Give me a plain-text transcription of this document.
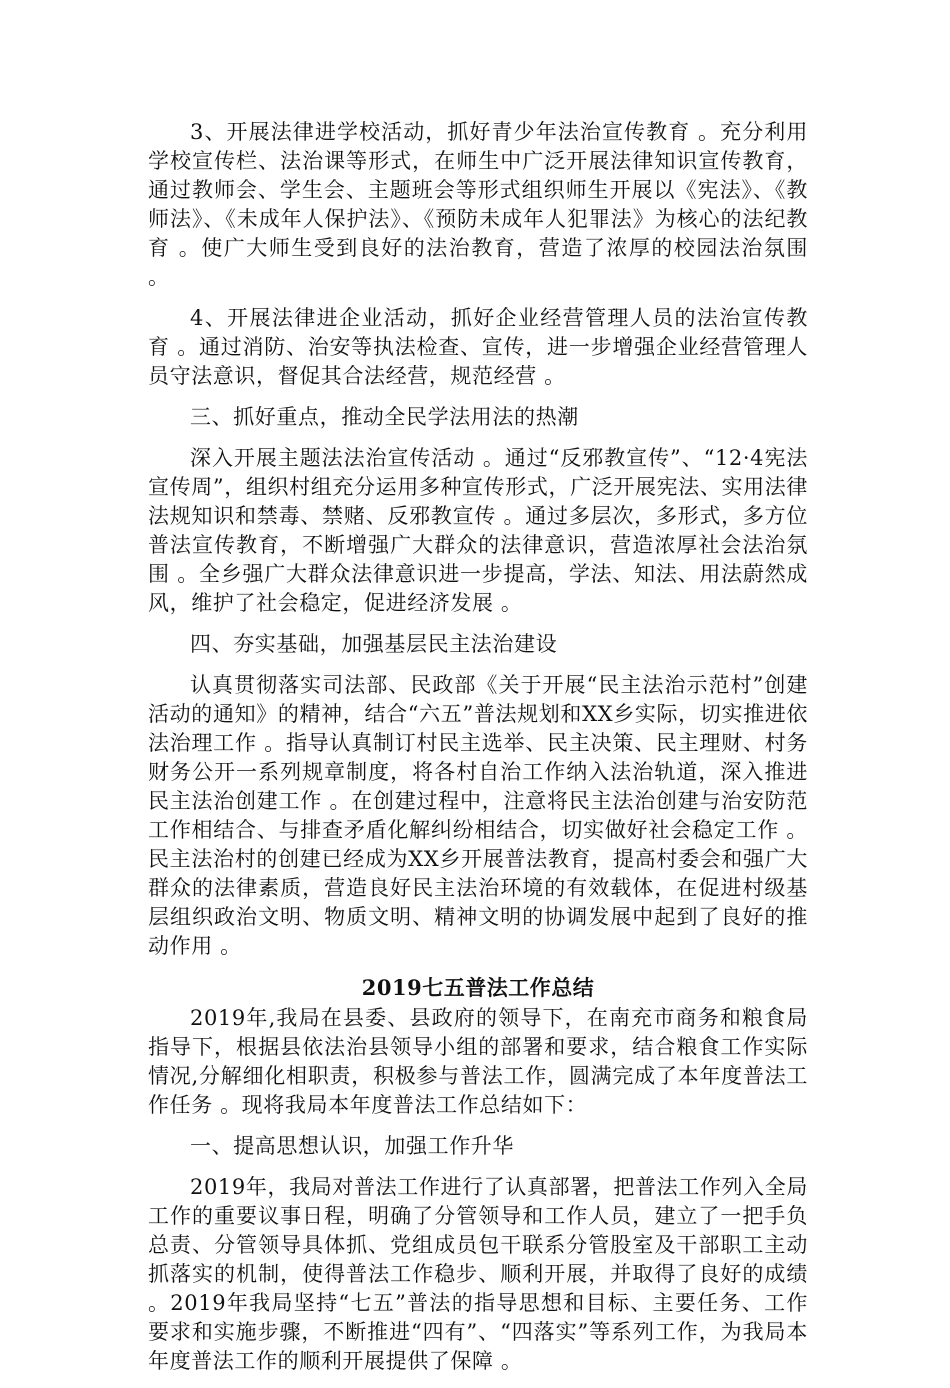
3、开展法律进学校活动，抓好青少年法治宣传教育 。充分利用学校宣传栏、法治课等形式，在师生中广泛开展法律知识宣传教育，通过教师会、学生会、主题班会等形式组织师生开展以《宪法》、《教师法》、《未成年人保护法》、《预防未成年人犯罪法》为核心的法纪教育 。使广大师生受到良好的法治教育，营造了浓厚的校园法治氛围 。

4、开展法律进企业活动，抓好企业经营管理人员的法治宣传教育 。通过消防、治安等执法检查、宣传，进一步增强企业经营管理人员守法意识，督促其合法经营，规范经营 。

三、抓好重点，推动全民学法用法的热潮

深入开展主题法法治宣传活动 。通过“反邪教宣传”、“12·4宪法宣传周”，组织村组充分运用多种宣传形式，广泛开展宪法、实用法律法规知识和禁毒、禁赌、反邪教宣传 。通过多层次，多形式，多方位普法宣传教育，不断增强广大群众的法律意识，营造浓厚社会法治氛围 。全乡强广大群众法律意识进一步提高，学法、知法、用法蔚然成风，维护了社会稳定，促进经济发展 。

四、夯实基础，加强基层民主法治建设

认真贯彻落实司法部、民政部《关于开展“民主法治示范村”创建活动的通知》的精神，结合“六五”普法规划和XX乡实际，切实推进依法治理工作 。指导认真制订村民主选举、民主决策、民主理财、村务财务公开一系列规章制度，将各村自治工作纳入法治轨道，深入推进民主法治创建工作 。在创建过程中，注意将民主法治创建与治安防范工作相结合、与排查矛盾化解纠纷相结合，切实做好社会稳定工作 。民主法治村的创建已经成为XX乡开展普法教育，提高村委会和强广大群众的法律素质，营造良好民主法治环境的有效载体，在促进村级基层组织政治文明、物质文明、精神文明的协调发展中起到了良好的推动作用 。

2019七五普法工作总结

2019年,我局在县委、县政府的领导下，在南充市商务和粮食局指导下，根据县依法治县领导小组的部署和要求，结合粮食工作实际情况,分解细化相职责，积极参与普法工作，圆满完成了本年度普法工作任务 。现将我局本年度普法工作总结如下：

一、提高思想认识，加强工作升华

2019年，我局对普法工作进行了认真部署，把普法工作列入全局工作的重要议事日程，明确了分管领导和工作人员，建立了一把手负总责、分管领导具体抓、党组成员包干联系分管股室及干部职工主动抓落实的机制，使得普法工作稳步、顺利开展，并取得了良好的成绩 。2019年我局坚持“七五”普法的指导思想和目标、主要任务、工作要求和实施步骤，不断推进“四有”、“四落实”等系列工作，为我局本年度普法工作的顺利开展提供了保障 。
